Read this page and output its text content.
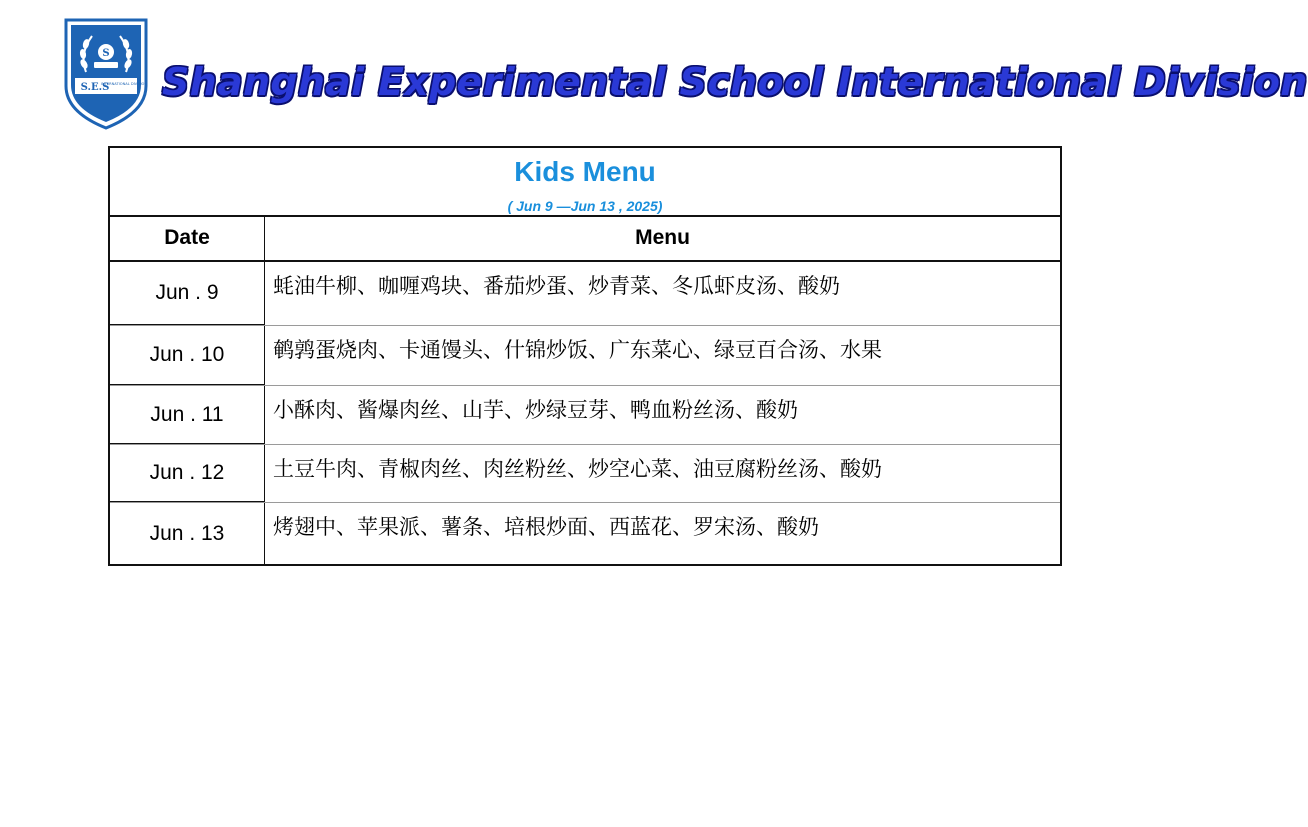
S
S.E.S
INTERNATIONAL DIVISION Shanghai Experimental School International Division
Kids Menu
( Jun 9 —Jun 13 , 2025)
Date	Menu
Jun . 9	蚝油牛柳、咖喱鸡块、番茄炒蛋、炒青菜、冬瓜虾皮汤、酸奶
Jun . 10	鹌鹑蛋烧肉、卡通馒头、什锦炒饭、广东菜心、绿豆百合汤、水果
Jun . 11	小酥肉、酱爆肉丝、山芋、炒绿豆芽、鸭血粉丝汤、酸奶
Jun . 12	土豆牛肉、青椒肉丝、肉丝粉丝、炒空心菜、油豆腐粉丝汤、酸奶
Jun . 13	烤翅中、苹果派、薯条、培根炒面、西蓝花、罗宋汤、酸奶
